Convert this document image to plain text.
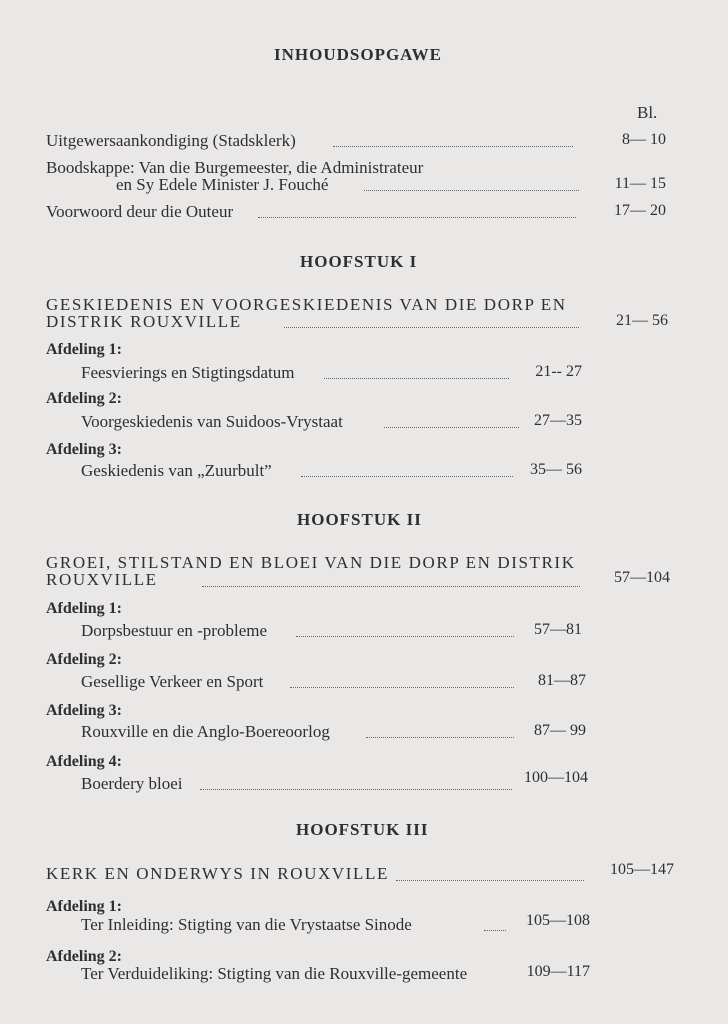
INHOUDSOPGAWE
Bl.
Uitgewersaankondiging (Stadsklerk)	8— 10
Boodskappe: Van die Burgemeester, die Administrateur
en Sy Edele Minister J. Fouché	11— 15
Voorwoord deur die Outeur	17— 20
HOOFSTUK I
GESKIEDENIS EN VOORGESKIEDENIS VAN DIE DORP EN
DISTRIK ROUXVILLE	21— 56
Afdeling 1:
Feesvierings en Stigtingsdatum	21-- 27
Afdeling 2:
Voorgeskiedenis van Suidoos-Vrystaat	27—35
Afdeling 3:
Geskiedenis van „Zuurbult”	35— 56
HOOFSTUK II
GROEI, STILSTAND EN BLOEI VAN DIE DORP EN DISTRIK
ROUXVILLE	57—104
Afdeling 1:
Dorpsbestuur en -probleme	57—81
Afdeling 2:
Gesellige Verkeer en Sport	81—87
Afdeling 3:
Rouxville en die Anglo-Boereoorlog	87— 99
Afdeling 4:
Boerdery bloei	100—104
HOOFSTUK III
KERK EN ONDERWYS IN ROUXVILLE	105—147
Afdeling 1:
Ter Inleiding: Stigting van die Vrystaatse Sinode	105—108
Afdeling 2:
Ter Verduideliking: Stigting van die Rouxville-gemeente	109—117
